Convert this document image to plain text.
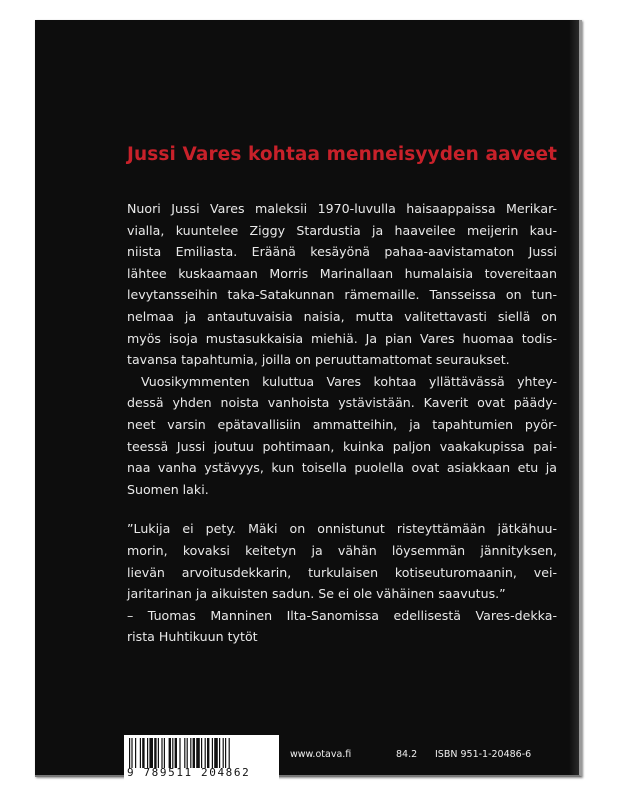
Jussi Vares kohtaa menneisyyden aaveet

Nuori Jussi Vares maleksii 1970-luvulla haisaappaissa Merikar-
vialla, kuuntelee Ziggy Stardustia ja haaveilee meijerin kau-
niista Emiliasta. Eräänä kesäyönä pahaa-aavistamaton Jussi
lähtee kuskaamaan Morris Marinallaan humalaisia tovereitaan
levytansseihin taka-Satakunnan rämemaille. Tansseissa on tun-
nelmaa ja antautuvaisia naisia, mutta valitettavasti siellä on
myös isoja mustasukkaisia miehiä. Ja pian Vares huomaa todis-
tavansa tapahtumia, joilla on peruuttamattomat seuraukset.

Vuosikymmenten kuluttua Vares kohtaa yllättävässä yhtey-
dessä yhden noista vanhoista ystävistään. Kaverit ovat päädy-
neet varsin epätavallisiin ammatteihin, ja tapahtumien pyör-
teessä Jussi joutuu pohtimaan, kuinka paljon vaakakupissa pai-
naa vanha ystävyys, kun toisella puolella ovat asiakkaan etu ja
Suomen laki.

”Lukija ei pety. Mäki on onnistunut risteyttämään jätkähuu-
morin, kovaksi keitetyn ja vähän löysemmän jännityksen,
lievän arvoitusdekkarin, turkulaisen kotiseuturomaanin, vei-
jaritarinan ja aikuisten sadun. Se ei ole vähäinen saavutus.”
– Tuomas Manninen Ilta-Sanomissa edellisestä Vares-dekka-
rista Huhtikuun tytöt

9 789511 204862
www.otava.fi	84.2 ISBN 951-1-20486-6
